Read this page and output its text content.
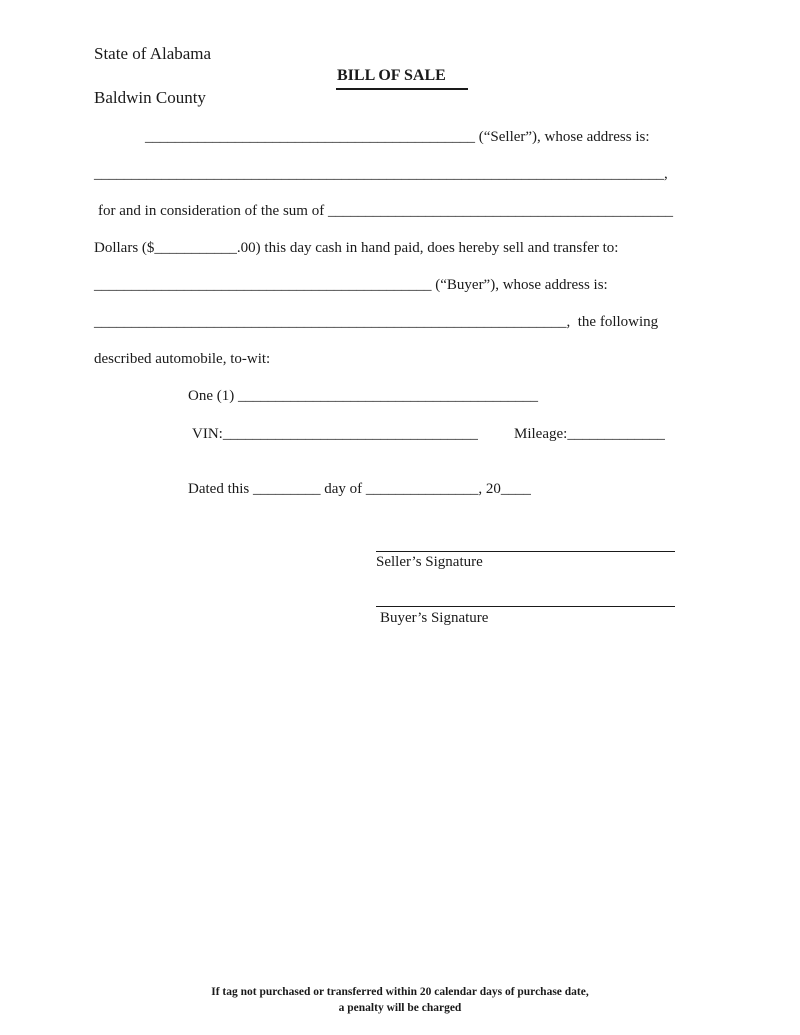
State of Alabama
Baldwin County
BILL OF SALE
____________________________________________ (“Seller”), whose address is:
____________________________________________________________________________,
for and in consideration of the sum of ______________________________________________
Dollars ($___________.00) this day cash in hand paid, does hereby sell and transfer to:
_____________________________________________ (“Buyer”), whose address is:
_______________________________________________________________,  the following
described automobile, to-wit:
One (1) ________________________________________
VIN:__________________________________ Mileage:_____________
Dated this _________ day of _______________, 20____
Seller’s Signature
Buyer’s Signature
If tag not purchased or transferred within 20 calendar days of purchase date,
a penalty will be charged
